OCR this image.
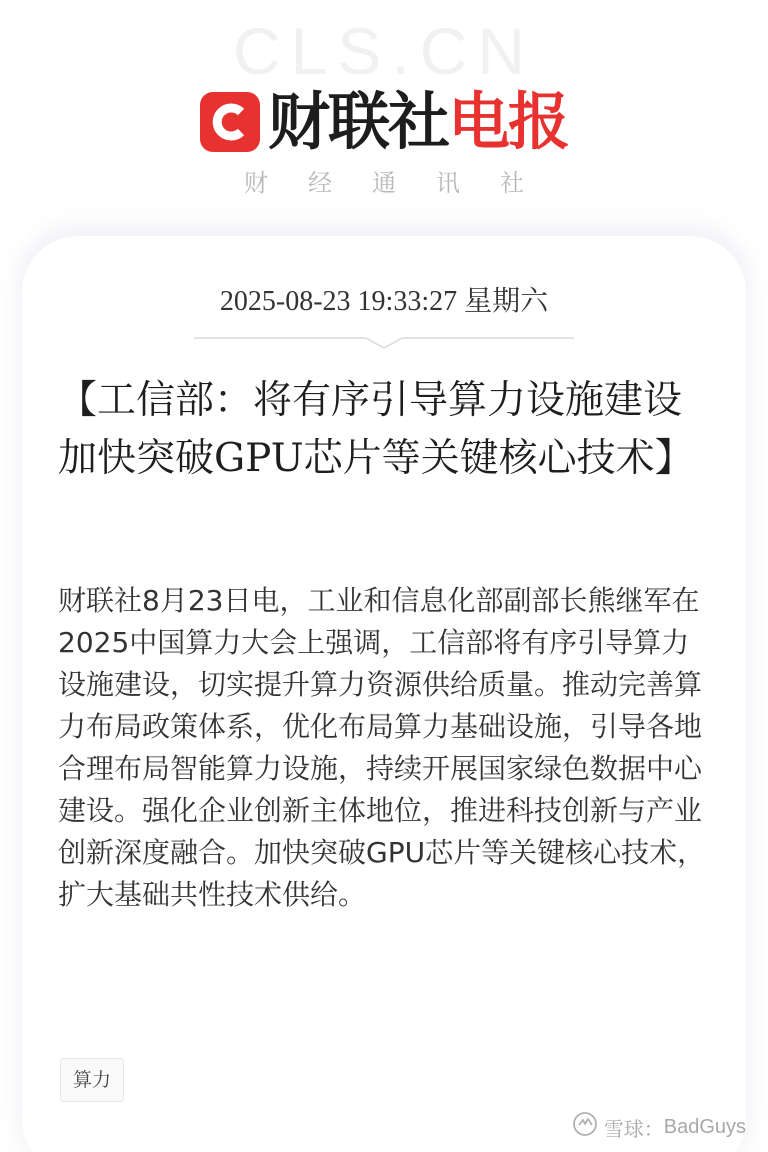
CLS.CN
财联社电报
财经通讯社
2025-08-23 19:33:27 星期六
【工信部：将有序引导算力设施建设 加快突破GPU芯片等关键核心技术】

财联社8月23日电，工业和信息化部副部长熊继军在2025中国算力大会上强调，工信部将有序引导算力设施建设，切实提升算力资源供给质量。推动完善算力布局政策体系，优化布局算力基础设施，引导各地合理布局智能算力设施，持续开展国家绿色数据中心建设。强化企业创新主体地位，推进科技创新与产业创新深度融合。加快突破GPU芯片等关键核心技术，扩大基础共性技术供给。

算力
雪球 ： BadGuys
